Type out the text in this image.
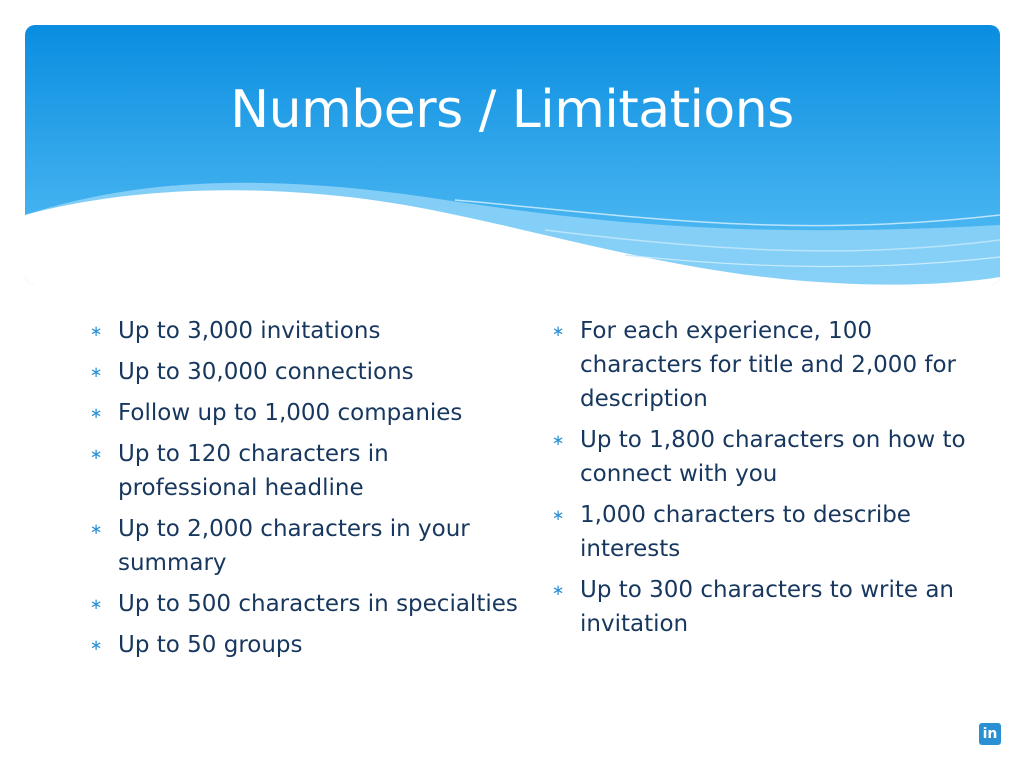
Numbers / Limitations
∗ Up to 3,000 invitations
∗ Up to 30,000 connections
∗ Follow up to 1,000 companies
∗ Up to 120 characters in professional headline
∗ Up to 2,000 characters in your summary
∗ Up to 500 characters in specialties
∗ Up to 50 groups
∗ For each experience, 100 characters for title and 2,000 for description
∗ Up to 1,800 characters on how to connect with you
∗ 1,000 characters to describe interests
∗ Up to 300 characters to write an invitation
in
